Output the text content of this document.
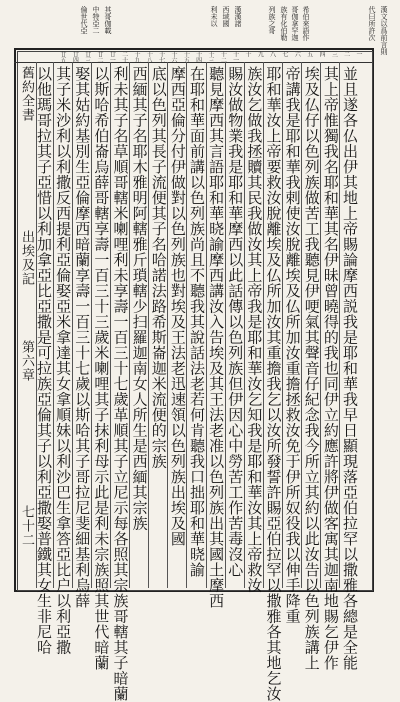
漢文以爲前言則
代曰所許次
希伯來語作
哥伽拿罕迦
族有化伯勒
列族之哥
漢漢諸
西域國
利未以
其哥伽載
中特亞二
倫世代亞
一
二
三
四
五
六
七
八
九
十
十一
十二
十三
十四
十五
十六
十七
十八
十九
二十
廿一
廿二
廿三
廿四
廿五
並且遂各仏出伊其地上帝賜論摩西説我是耶和華我早日顯現落亞伯拉罕以撒雅各總是全能
其上帝惟獨我名耶和華其名伊昧曾曉得的我也同伊立約應許將伊做客寓其迦南地賜乞伊作
埃及仏仔以色列族做苦工我聽見伊哽氣其聲音仔紀念我今所立其約以此汝告以色列族講上
帝講我是耶和華我剌使汝脫離埃及仏所加汝重擔拯救汝免于伊所奴役我以伸手降重
耶和華汝上帝要救汝脫離埃及仏所加汝其重擔我乞以汝所發誓許賜亞伯拉罕以撒雅各其地乞汝
族汝乞做我拯贖其民我做汝其上帝我是耶和華汝乞知我是耶和華汝其上帝救汝
賜汝做物業我是耶和華摩西以此話傳以色列族但伊因心中勞苦工作苦毒沒心
聽見摩西其言語耶和華晓諭摩西講汝入告埃及其王法老准以色列族出其國土摩西
在耶和華面前講以色列族尚且不聽我其說話法老若何肯聽我口拙耶和華晓諭
摩西亞倫分付伊做對以色列族也對埃及王法老迅速領以色列族出埃及國
底以色列其長子流便其子名哈諾法路希斯崙迦米流便的宗族
西緬其子名耶木雅明阿轄雅斤瑣轄少扫羅迦南女人所生是西緬其宗族
利未其子名草順哥轄米喇哩利未享壽一百三十七歲革順其子立尼示每各照其宗族哥轄其子暗蘭
以斯哈希伯崙烏薛哥轄享壽一百三十三歲米喇哩其子抹利母示此是利未宗族照其世代暗蘭
娶其姑約基別生亞倫摩西暗蘭享壽一百三十七歲以斯哈其子哥拉尼斐細基利烏薛
其子米沙利以利撒反西提利亞倫娶亞米拿達其女拿順妹以利沙巴生拿答亞比户以利亞撒
以他瑪哥拉其子亞惜以利加拿亞比亞撒是可拉族亞倫其子以利亞撒娶普鐵其女生非尼哈
舊約全書
出埃及記
第六章
七十二
